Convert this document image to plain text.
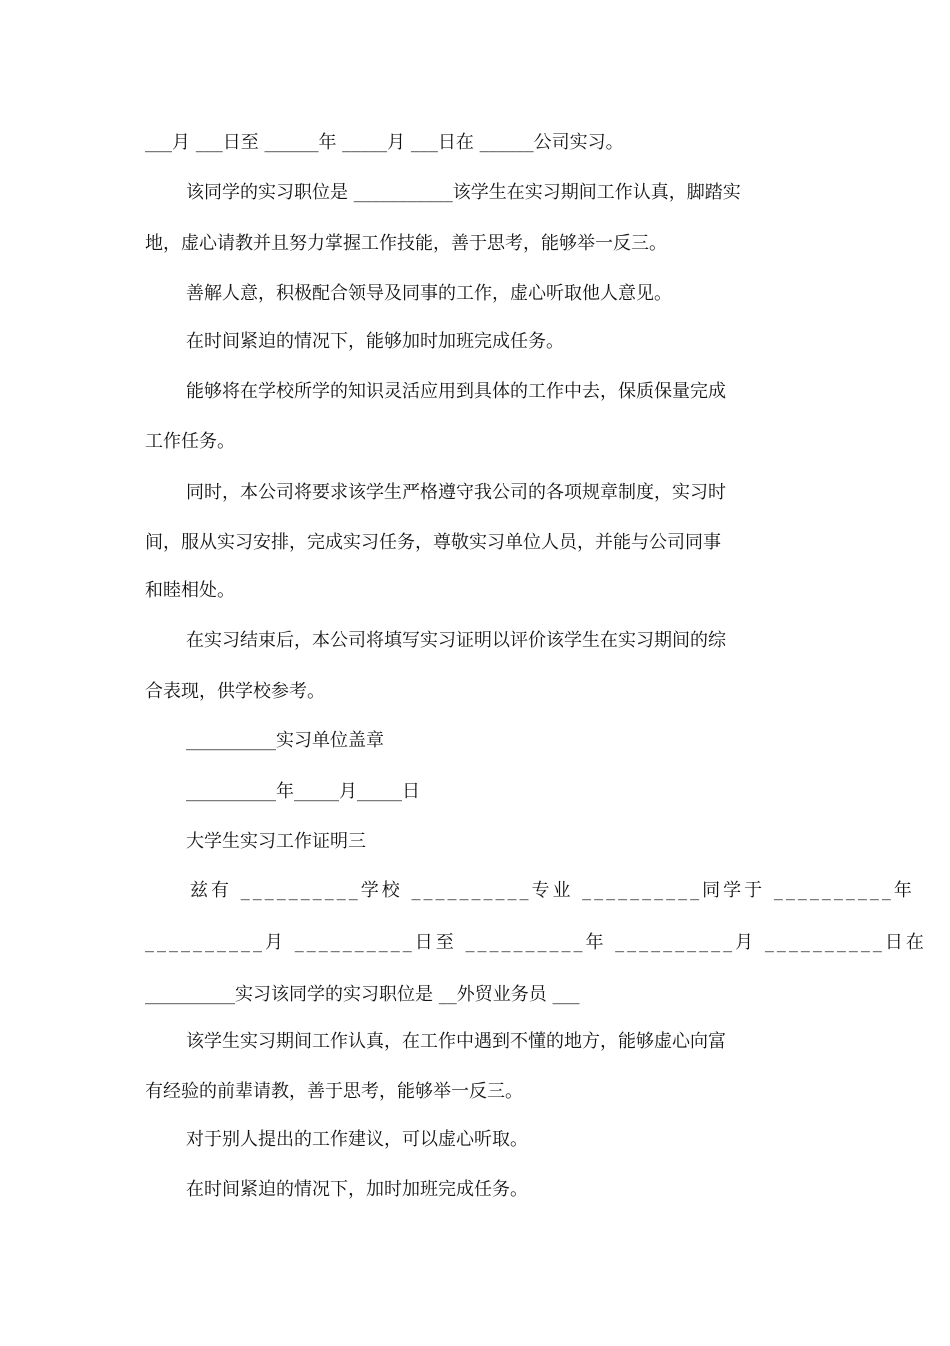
___月 ___日至 ______年 _____月 ___日在 ______公司实习。
该同学的实习职位是 ___________该学生在实习期间工作认真，脚踏实
地，虚心请教并且努力掌握工作技能，善于思考，能够举一反三。
善解人意，积极配合领导及同事的工作，虚心听取他人意见。
在时间紧迫的情况下，能够加时加班完成任务。
能够将在学校所学的知识灵活应用到具体的工作中去，保质保量完成
工作任务。
同时，本公司将要求该学生严格遵守我公司的各项规章制度，实习时
间，服从实习安排，完成实习任务，尊敬实习单位人员，并能与公司同事
和睦相处。
在实习结束后，本公司将填写实习证明以评价该学生在实习期间的综
合表现，供学校参考。
__________实习单位盖章
__________年_____月_____日
大学生实习工作证明三
兹有 __________学校 __________专业 __________同学于 __________年
__________月 __________日至 __________年 __________月 __________日在
__________实习该同学的实习职位是 __外贸业务员 ___
该学生实习期间工作认真，在工作中遇到不懂的地方，能够虚心向富
有经验的前辈请教，善于思考，能够举一反三。
对于别人提出的工作建议，可以虚心听取。
在时间紧迫的情况下，加时加班完成任务。
